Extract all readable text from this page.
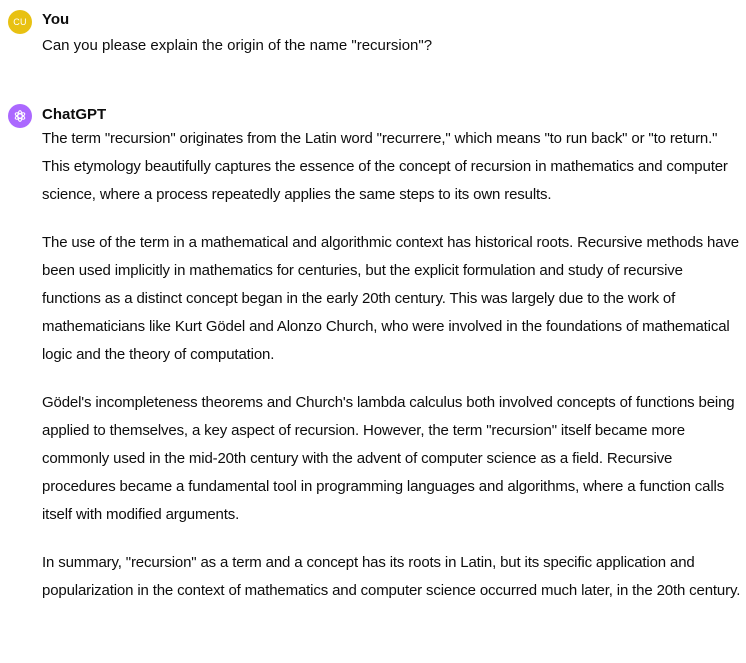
CU You
Can you please explain the origin of the name "recursion"?
ChatGPT

The term "recursion" originates from the Latin word "recurrere," which means "to run back" or "to return." This etymology beautifully captures the essence of the concept of recursion in mathematics and computer science, where a process repeatedly applies the same steps to its own results.

The use of the term in a mathematical and algorithmic context has historical roots. Recursive methods have been used implicitly in mathematics for centuries, but the explicit formulation and study of recursive functions as a distinct concept began in the early 20th century. This was largely due to the work of mathematicians like Kurt Gödel and Alonzo Church, who were involved in the foundations of mathematical logic and the theory of computation.

Gödel's incompleteness theorems and Church's lambda calculus both involved concepts of functions being applied to themselves, a key aspect of recursion. However, the term "recursion" itself became more commonly used in the mid-20th century with the advent of computer science as a field. Recursive procedures became a fundamental tool in programming languages and algorithms, where a function calls itself with modified arguments.

In summary, "recursion" as a term and a concept has its roots in Latin, but its specific application and popularization in the context of mathematics and computer science occurred much later, in the 20th century.
